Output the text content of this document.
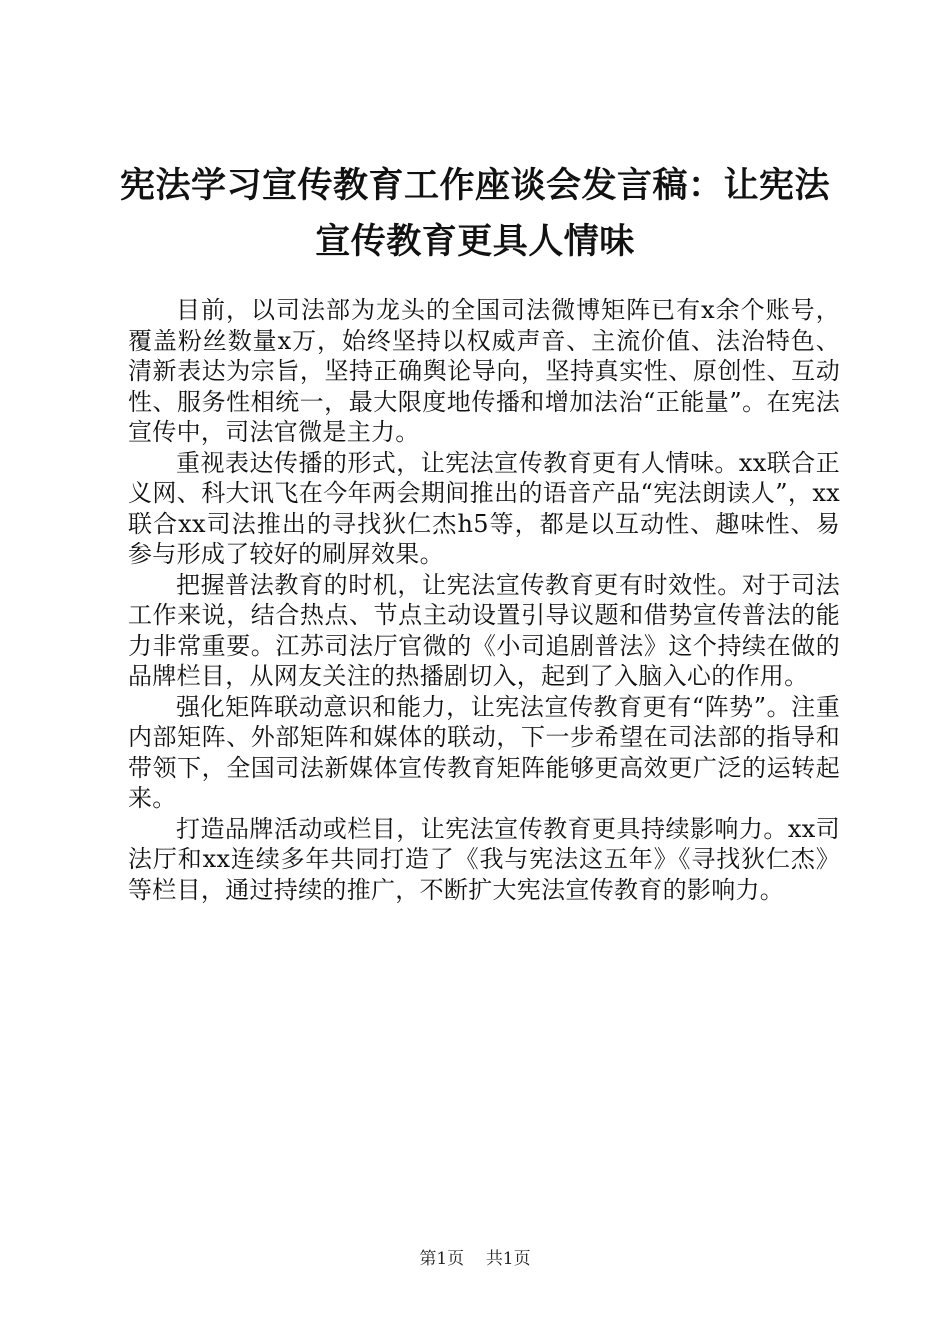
宪法学习宣传教育工作座谈会发言稿：让宪法宣传教育更具人情味

目前，以司法部为龙头的全国司法微博矩阵已有x余个账号，覆盖粉丝数量x万，始终坚持以权威声音、主流价值、法治特色、清新表达为宗旨，坚持正确舆论导向，坚持真实性、原创性、互动性、服务性相统一，最大限度地传播和增加法治“正能量”。在宪法宣传中，司法官微是主力。

重视表达传播的形式，让宪法宣传教育更有人情味。xx联合正义网、科大讯飞在今年两会期间推出的语音产品“宪法朗读人”，xx联合xx司法推出的寻找狄仁杰h5等，都是以互动性、趣味性、易参与形成了较好的刷屏效果。

把握普法教育的时机，让宪法宣传教育更有时效性。对于司法工作来说，结合热点、节点主动设置引导议题和借势宣传普法的能力非常重要。江苏司法厅官微的《小司追剧普法》这个持续在做的品牌栏目，从网友关注的热播剧切入，起到了入脑入心的作用。

强化矩阵联动意识和能力，让宪法宣传教育更有“阵势”。注重内部矩阵、外部矩阵和媒体的联动，下一步希望在司法部的指导和带领下，全国司法新媒体宣传教育矩阵能够更高效更广泛的运转起来。

打造品牌活动或栏目，让宪法宣传教育更具持续影响力。xx司法厅和xx连续多年共同打造了《我与宪法这五年》《寻找狄仁杰》等栏目，通过持续的推广，不断扩大宪法宣传教育的影响力。

第1页 共1页
